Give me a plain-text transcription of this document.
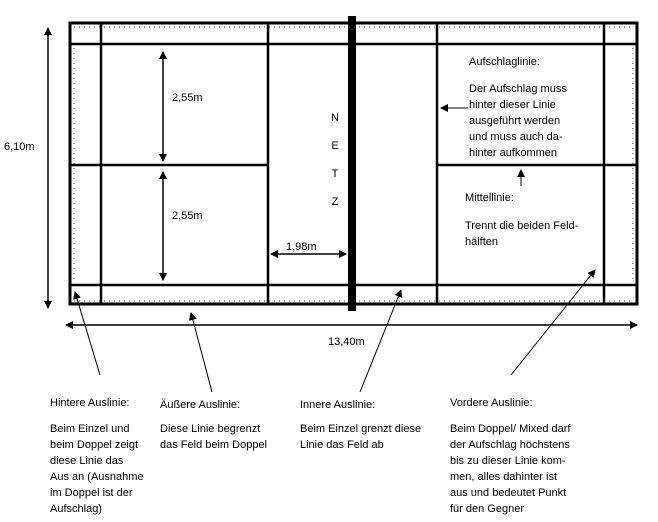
6,10m
2,55m
2,55m
1,98m
13,40m
N
E
T
Z
Aufschlaglinie:
Der Aufschlag muss
hinter dieser Linie
ausgeführt werden
und muss auch da-
hinter aufkommen
Mittellinie:
Trennt die beiden Feld-
hälften
Hintere Auslinie:
Beim Einzel und
beim Doppel zeigt
diese Linie das
Aus an (Ausnahme
im Doppel ist der
Aufschlag)
Äußere Auslinie:
Diese Linie begrenzt
das Feld beim Doppel
Innere Auslinie:
Beim Einzel grenzt diese
Linie das Feld ab
Vordere Auslinie:
Beim Doppel/ Mixed darf
der Aufschlag höchstens
bis zu dieser Linie kom-
men, alles dahinter ist
aus und bedeutet Punkt
für den Gegner
